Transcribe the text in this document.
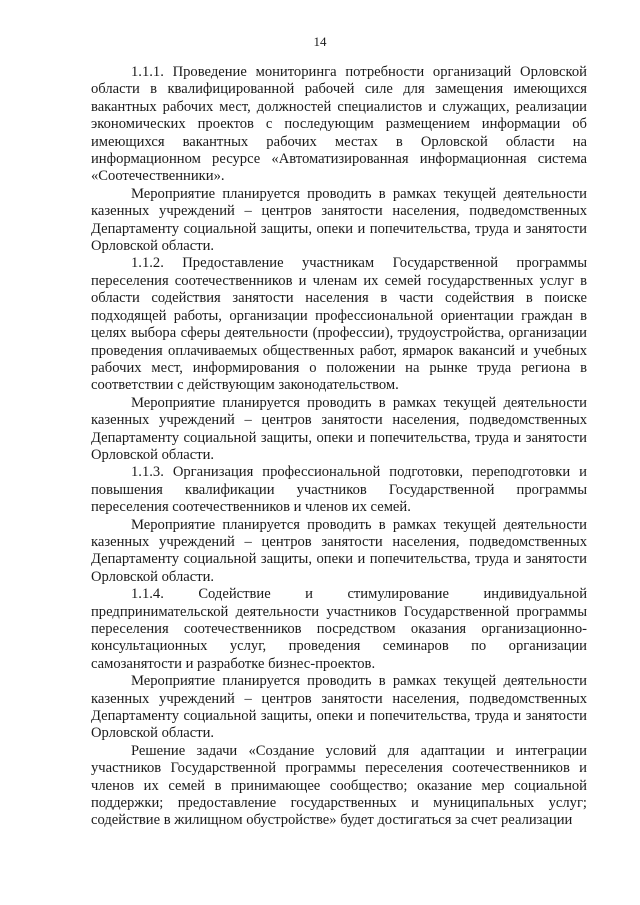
14

1.1.1. Проведение мониторинга потребности организаций Орловской области в квалифицированной рабочей силе для замещения имеющихся вакантных рабочих мест, должностей специалистов и служащих, реализации экономических проектов с последующим размещением информации об имеющихся вакантных рабочих местах в Орловской области на информационном ресурсе «Автоматизированная информационная система «Соотечественники».

Мероприятие планируется проводить в рамках текущей деятельности казенных учреждений – центров занятости населения, подведомственных Департаменту социальной защиты, опеки и попечительства, труда и занятости Орловской области.

1.1.2. Предоставление участникам Государственной программы переселения соотечественников и членам их семей государственных услуг в области содействия занятости населения в части содействия в поиске подходящей работы, организации профессиональной ориентации граждан в целях выбора сферы деятельности (профессии), трудоустройства, организации проведения оплачиваемых общественных работ, ярмарок вакансий и учебных рабочих мест, информирования о положении на рынке труда региона в соответствии с действующим законодательством.

Мероприятие планируется проводить в рамках текущей деятельности казенных учреждений – центров занятости населения, подведомственных Департаменту социальной защиты, опеки и попечительства, труда и занятости Орловской области.

1.1.3. Организация профессиональной подготовки, переподготовки и повышения квалификации участников Государственной программы переселения соотечественников и членов их семей.

Мероприятие планируется проводить в рамках текущей деятельности казенных учреждений – центров занятости населения, подведомственных Департаменту социальной защиты, опеки и попечительства, труда и занятости Орловской области.

1.1.4. Содействие и стимулирование индивидуальной предпринимательской деятельности участников Государственной программы переселения соотечественников посредством оказания организационно-консультационных услуг, проведения семинаров по организации самозанятости и разработке бизнес-проектов.

Мероприятие планируется проводить в рамках текущей деятельности казенных учреждений – центров занятости населения, подведомственных Департаменту социальной защиты, опеки и попечительства, труда и занятости Орловской области.

Решение задачи «Создание условий для адаптации и интеграции участников Государственной программы переселения соотечественников и членов их семей в принимающее сообщество; оказание мер социальной поддержки; предоставление государственных и муниципальных услуг; содействие в жилищном обустройстве» будет достигаться за счет реализации
